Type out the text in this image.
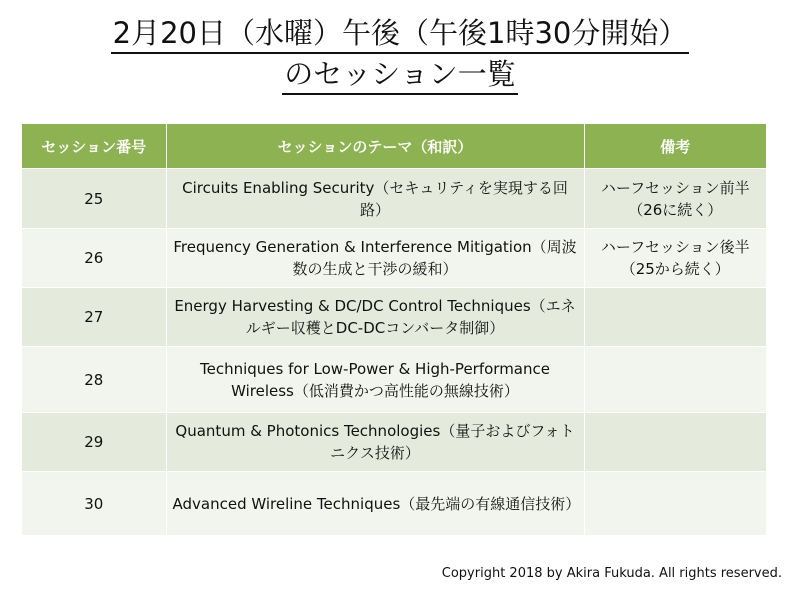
2月20日（水曜）午後（午後1時30分開始）
のセッション一覧
セッション番号	セッションのテーマ（和訳）	備考
25	Circuits Enabling Security（セキュリティを実現する回路）	ハーフセッション前半（26に続く）
26	Frequency Generation & Interference Mitigation（周波数の生成と干渉の緩和）	ハーフセッション後半（25から続く）
27	Energy Harvesting & DC/DC Control Techniques（エネルギー収穫とDC-DCコンバータ制御）	
28	Techniques for Low-Power & High-Performance Wireless（低消費かつ高性能の無線技術）	
29	Quantum & Photonics Technologies（量子およびフォトニクス技術）	
30	Advanced Wireline Techniques（最先端の有線通信技術）	
Copyright 2018 by Akira Fukuda. All rights reserved.
